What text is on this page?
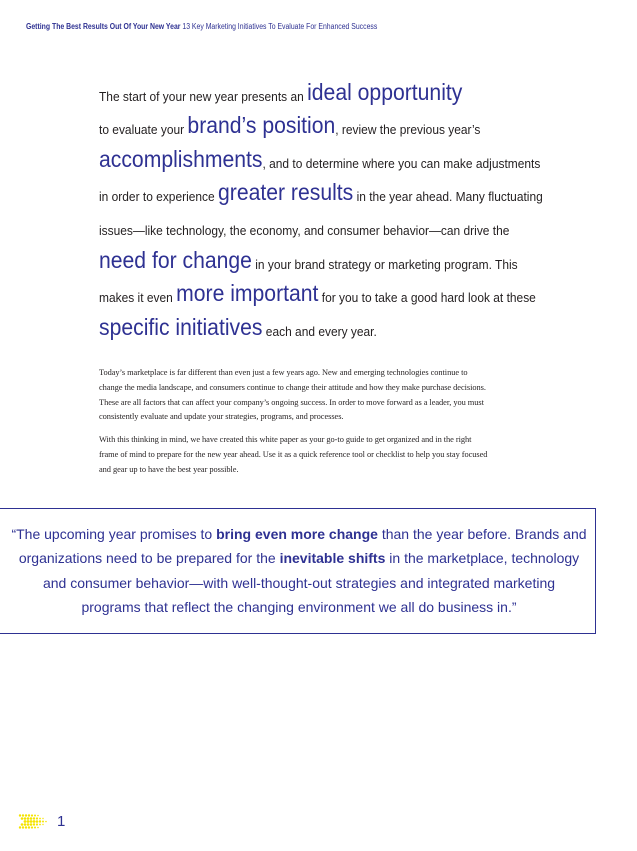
Getting The Best Results Out Of Your New Year 13 Key Marketing Initiatives To Evaluate For Enhanced Success
The start of your new year presents an ideal opportunity
to evaluate your brand’s position , review the previous year’s
accomplishments , and to determine where you can make adjustments
in order to experience greater results in the year ahead. Many fluctuating
issues—like technology, the economy, and consumer behavior—can drive the
need for change in your brand strategy or marketing program. This
makes it even more important for you to take a good hard look at these
specific initiatives each and every year.
Today’s marketplace is far different than even just a few years ago. New and emerging technologies continue to
change the media landscape, and consumers continue to change their attitude and how they make purchase decisions.
These are all factors that can affect your company’s ongoing success. In order to move forward as a leader, you must
consistently evaluate and update your strategies, programs, and processes.
With this thinking in mind, we have created this white paper as your go-to guide to get organized and in the right
frame of mind to prepare for the new year ahead. Use it as a quick reference tool or checklist to help you stay focused
and gear up to have the best year possible.
“The upcoming year promises to bring even more change than the year before. Brands and
organizations need to be prepared for the inevitable shifts in the marketplace, technology
and consumer behavior—with well-thought-out strategies and integrated marketing
programs that reflect the changing environment we all do business in.”
1
